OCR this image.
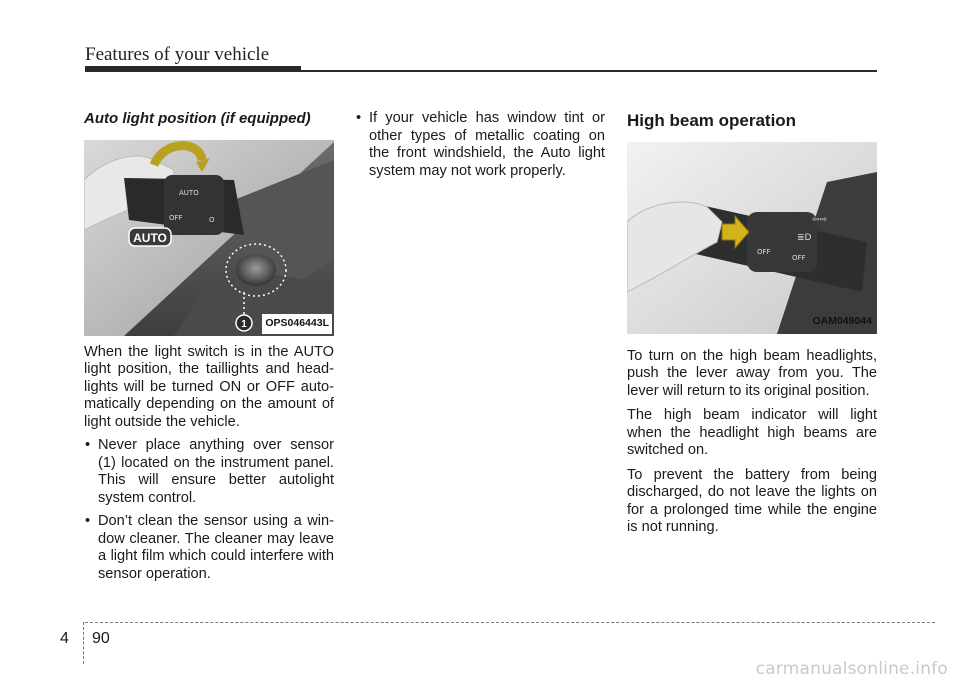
Features of your vehicle
Auto light position (if equipped)
AUTO
OFF	O
AUTO
1 OPS046443L

When the light switch is in the AUTO light position, the taillights and headlights will be turned ON or OFF automatically depending on the amount of light outside the vehicle.

• Never place anything over sensor (1) located on the instrument panel. This will ensure better autolight system control.
• Don’t clean the sensor using a window cleaner. The cleaner may leave a light film which could interfere with sensor operation.
• If your vehicle has window tint or other types of metallic coating on the front windshield, the Auto light system may not work properly.
High beam operation
OFF
OFF
≣D
⇦⇨
OAM049044

To turn on the high beam headlights, push the lever away from you. The lever will return to its original position.

The high beam indicator will light when the headlight high beams are switched on.

To prevent the battery from being discharged, do not leave the lights on for a prolonged time while the engine is not running.

4 90
carmanualsonline.info
